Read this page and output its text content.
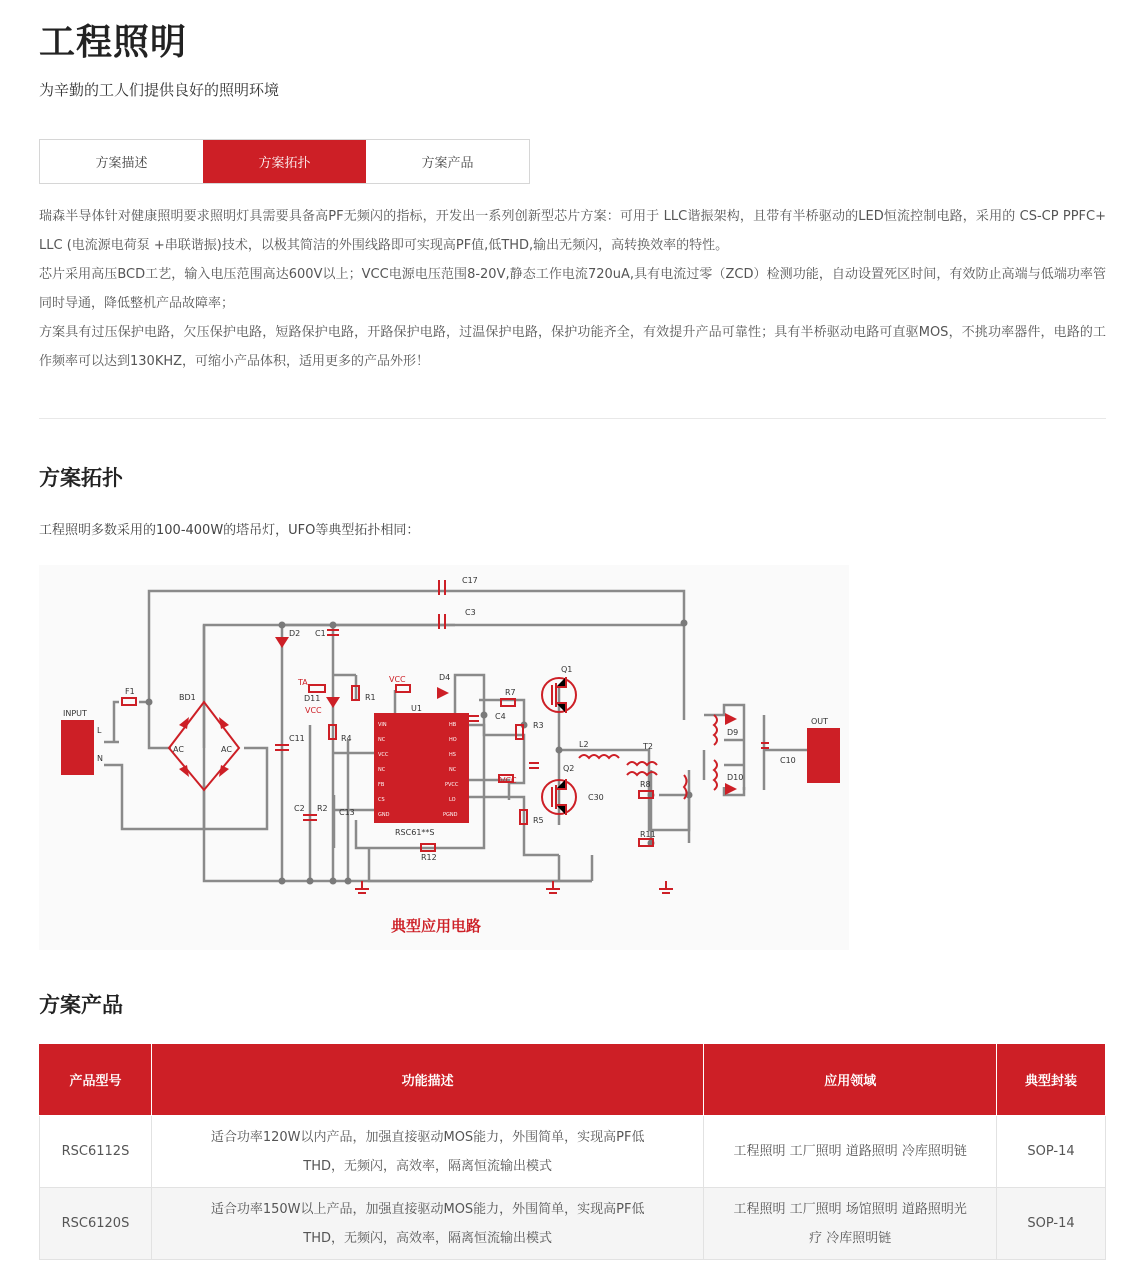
工程照明
为辛勤的工人们提供良好的照明环境
方案描述	方案拓扑	方案产品

瑞森半导体针对健康照明要求照明灯具需要具备高PF无频闪的指标，开发出一系列创新型芯片方案：可用于 LLC谐振架构，且带有半桥驱动的LED恒流控制电路，采用的 CS-CP PPFC+ LLC (电流源电荷泵 +串联谐振)技术，以极其简洁的外围线路即可实现高PF值,低THD,输出无频闪，高转换效率的特性。

芯片采用高压BCD工艺，输入电压范围高达600V以上；VCC电源电压范围8-20V,静态工作电流720uA,具有电流过零（ZCD）检测功能，自动设置死区时间，有效防止高端与低端功率管同时导通，降低整机产品故障率；

方案具有过压保护电路，欠压保护电路，短路保护电路，开路保护电路，过温保护电路，保护功能齐全，有效提升产品可靠性；具有半桥驱动电路可直驱MOS，不挑功率器件，电路的工作频率可以达到130KHZ，可缩小产品体积，适用更多的产品外形！

方案拓扑
工程照明多数采用的100-400W的塔吊灯，UFO等典型拓扑相同：
VIN
NC
VCC
NC
FB
CS
GND
HB
HO
HS
NC
PVCC
LO
PGND
INPUT
OUT
L
N
F1
BD1
AC	AC
C17
C3
D2 C1
TA
D11
VCC
VCC
VCC
R1
R4
D4
R7
C4
R3
Q1
Q2
U1
C11
C2 R2 C13
RSC61**S
R12
L2	T2
C30
R5
R8
R11
D9
D10
C10
典型应用电路
方案产品
产品型号	功能描述	应用领域	典型封装
RSC6112S	适合功率120W以内产品，加强直接驱动MOS能力，外围简单，实现高PF低THD，无频闪，高效率，隔离恒流输出模式	工程照明 工厂照明 道路照明 冷库照明链	SOP-14
RSC6120S	适合功率150W以上产品，加强直接驱动MOS能力，外围简单，实现高PF低THD，无频闪，高效率，隔离恒流输出模式	工程照明 工厂照明 场馆照明 道路照明光疗 冷库照明链	SOP-14
